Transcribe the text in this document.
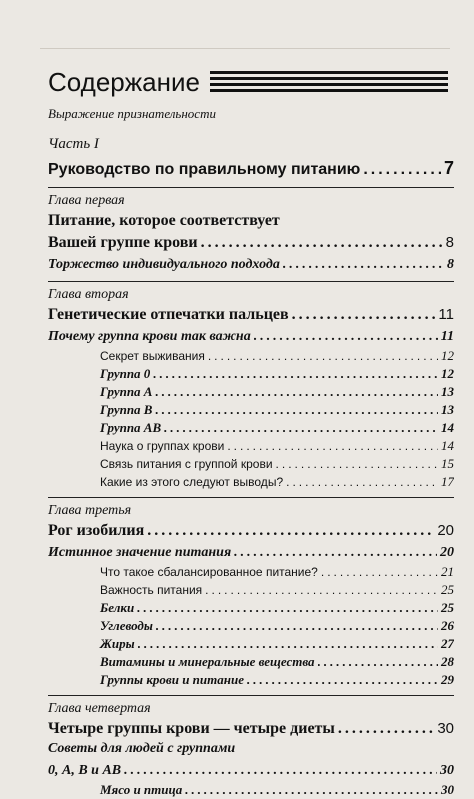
Содержание
Выражение признательности
Часть I
Руководство по правильному питанию .....	7
Глава первая
Питание, которое соответствует
Вашей группе крови .....	8
Торжество индивидуального подхода .....	8
Глава вторая
Генетические отпечатки пальцев .....	11
Почему группа крови так важна .....	11
Секрет выживания .....	12
Группа 0 .....	12
Группа А .....	13
Группа В .....	13
Группа АВ .....	14
Наука о группах крови .....	14
Связь питания с группой крови .....	15
Какие из этого следуют выводы? .....	17
Глава третья
Рог изобилия .....	20
Истинное значение питания .....	20
Что такое сбалансированное питание? .....	21
Важность питания .....	25
Белки .....	25
Углеводы .....	26
Жиры .....	27
Витамины и минеральные вещества .....	28
Группы крови и питание .....	29
Глава четвертая
Четыре группы крови — четыре диеты .....	30
Советы для людей с группами
0, А, В и АВ .....	30
Мясо и птица .....	30
